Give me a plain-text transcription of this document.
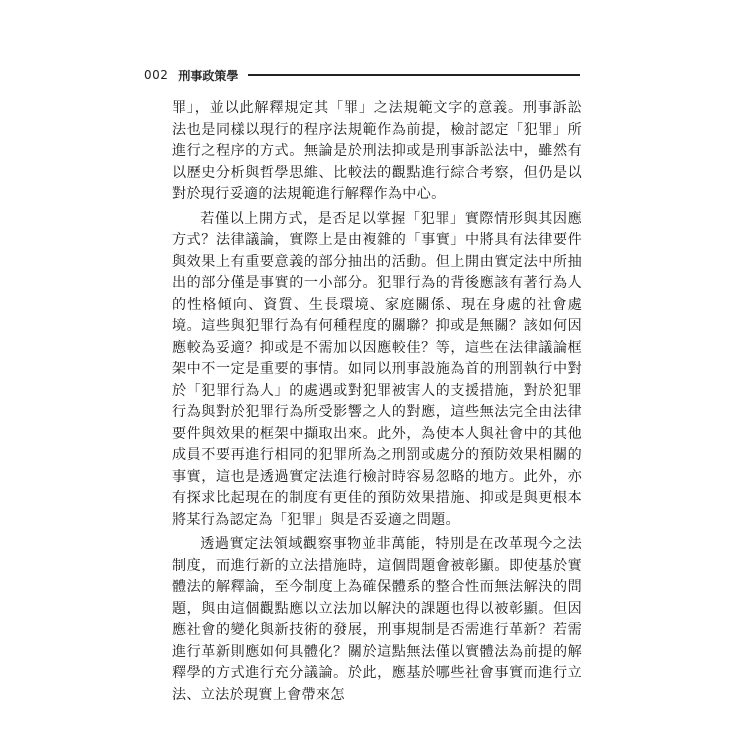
002 刑事政策學

罪」，並以此解釋規定其「罪」之法規範文字的意義。刑事訴訟法也是同樣以現行的程序法規範作為前提，檢討認定「犯罪」所進行之程序的方式。無論是於刑法抑或是刑事訴訟法中，雖然有以歷史分析與哲學思維、比較法的觀點進行綜合考察，但仍是以對於現行妥適的法規範進行解釋作為中心。

若僅以上開方式，是否足以掌握「犯罪」實際情形與其因應方式？法律議論，實際上是由複雜的「事實」中將具有法律要件與效果上有重要意義的部分抽出的活動。但上開由實定法中所抽出的部分僅是事實的一小部分。犯罪行為的背後應該有著行為人的性格傾向、資質、生長環境、家庭關係、現在身處的社會處境。這些與犯罪行為有何種程度的關聯？抑或是無關？該如何因應較為妥適？抑或是不需加以因應較佳？等，這些在法律議論框架中不一定是重要的事情。如同以刑事設施為首的刑罰執行中對於「犯罪行為人」的處遇或對犯罪被害人的支援措施，對於犯罪行為與對於犯罪行為所受影響之人的對應，這些無法完全由法律要件與效果的框架中擷取出來。此外，為使本人與社會中的其他成員不要再進行相同的犯罪所為之刑罰或處分的預防效果相關的事實，這也是透過實定法進行檢討時容易忽略的地方。此外，亦有探求比起現在的制度有更佳的預防效果措施、抑或是與更根本將某行為認定為「犯罪」與是否妥適之問題。

透過實定法領域觀察事物並非萬能，特別是在改革現今之法制度，而進行新的立法措施時，這個問題會被彰顯。即使基於實體法的解釋論，至今制度上為確保體系的整合性而無法解決的問題，與由這個觀點應以立法加以解決的課題也得以被彰顯。但因應社會的變化與新技術的發展，刑事規制是否需進行革新？若需進行革新則應如何具體化？關於這點無法僅以實體法為前提的解釋學的方式進行充分議論。於此，應基於哪些社會事實而進行立法、立法於現實上會帶來怎
